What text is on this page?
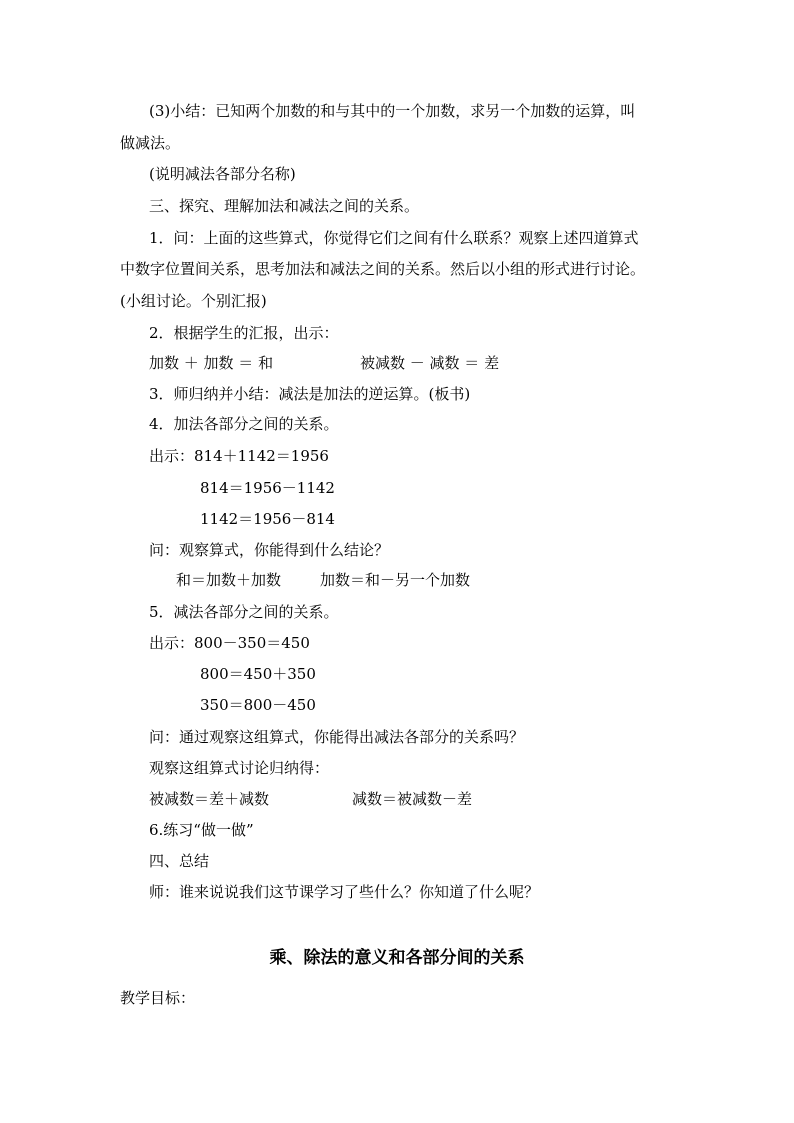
(3)小结：已知两个加数的和与其中的一个加数，求另一个加数的运算，叫
做减法。
(说明减法各部分名称)
三、探究、理解加法和减法之间的关系。
1．问：上面的这些算式，你觉得它们之间有什么联系？观察上述四道算式
中数字位置间关系，思考加法和减法之间的关系。然后以小组的形式进行讨论。
(小组讨论。个别汇报)
2．根据学生的汇报，出示：
加数 ＋ 加数 ＝ 和	被减数 － 减数 ＝ 差
3．师归纳并小结：减法是加法的逆运算。(板书)
4．加法各部分之间的关系。
出示：814＋1142＝1956
814＝1956－1142
1142＝1956－814
问：观察算式，你能得到什么结论？
和＝加数＋加数	加数＝和－另一个加数
5．减法各部分之间的关系。
出示：800－350＝450
800＝450＋350
350＝800－450
问：通过观察这组算式，你能得出减法各部分的关系吗？
观察这组算式讨论归纳得：
被减数＝差＋减数	减数＝被减数－差
6.练习“做一做”
四、总结
师：谁来说说我们这节课学习了些什么？你知道了什么呢？
乘、除法的意义和各部分间的关系
教学目标：
